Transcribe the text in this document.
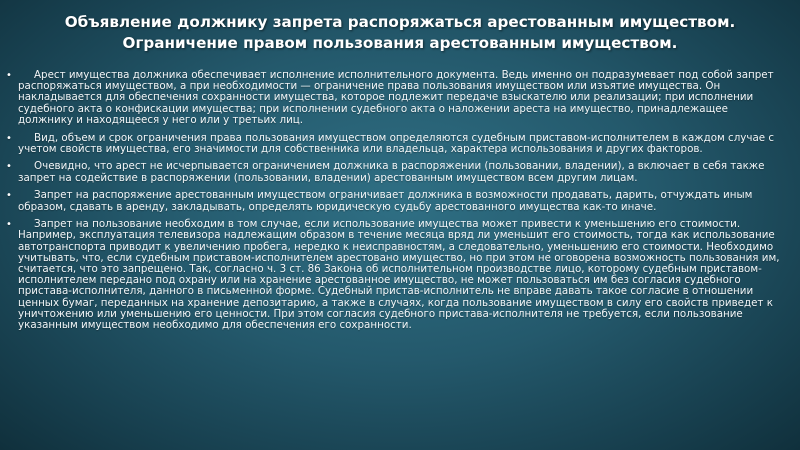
Объявление должнику запрета распоряжаться арестованным имуществом.
Ограничение правом пользования арестованным имуществом.
• Арест имущества должника обеспечивает исполнение исполнительного документа. Ведь именно он подразумевает под собой запрет распоряжаться имуществом, а при необходимости — ограничение права пользования имуществом или изъятие имущества. Он накладывается для обеспечения сохранности имущества, которое подлежит передаче взыскателю или реализации; при исполнении судебного акта о конфискации имущества; при исполнении судебного акта о наложении ареста на имущество, принадлежащее должнику и находящееся у него или у третьих лиц.
• Вид, объем и срок ограничения права пользования имуществом определяются судебным приставом-исполнителем в каждом случае с учетом свойств имущества, его значимости для собственника или владельца, характера использования и других факторов.
• Очевидно, что арест не исчерпывается ограничением должника в распоряжении (пользовании, владении), а включает в себя также запрет на содействие в распоряжении (пользовании, владении) арестованным имуществом всем другим лицам.
• Запрет на распоряжение арестованным имуществом ограничивает должника в возможности продавать, дарить, отчуждать иным образом, сдавать в аренду, закладывать, определять юридическую судьбу арестованного имущества как-то иначе.
• Запрет на пользование необходим в том случае, если использование имущества может привести к уменьшению его стоимости. Например, эксплуатация телевизора надлежащим образом в течение месяца вряд ли уменьшит его стоимость, тогда как использование автотранспорта приводит к увеличению пробега, нередко к неисправностям, а следовательно, уменьшению его стоимости. Необходимо учитывать, что, если судебным приставом-исполнителем арестовано имущество, но при этом не оговорена возможность пользования им, считается, что это запрещено. Так, согласно ч. 3 ст. 86 Закона об исполнительном производстве лицо, которому судебным приставом-исполнителем передано под охрану или на хранение арестованное имущество, не может пользоваться им без согласия судебного пристава-исполнителя, данного в письменной форме. Судебный пристав-исполнитель не вправе давать такое согласие в отношении ценных бумаг, переданных на хранение депозитарию, а также в случаях, когда пользование имуществом в силу его свойств приведет к уничтожению или уменьшению его ценности. При этом согласия судебного пристава-исполнителя не требуется, если пользование указанным имуществом необходимо для обеспечения его сохранности.
